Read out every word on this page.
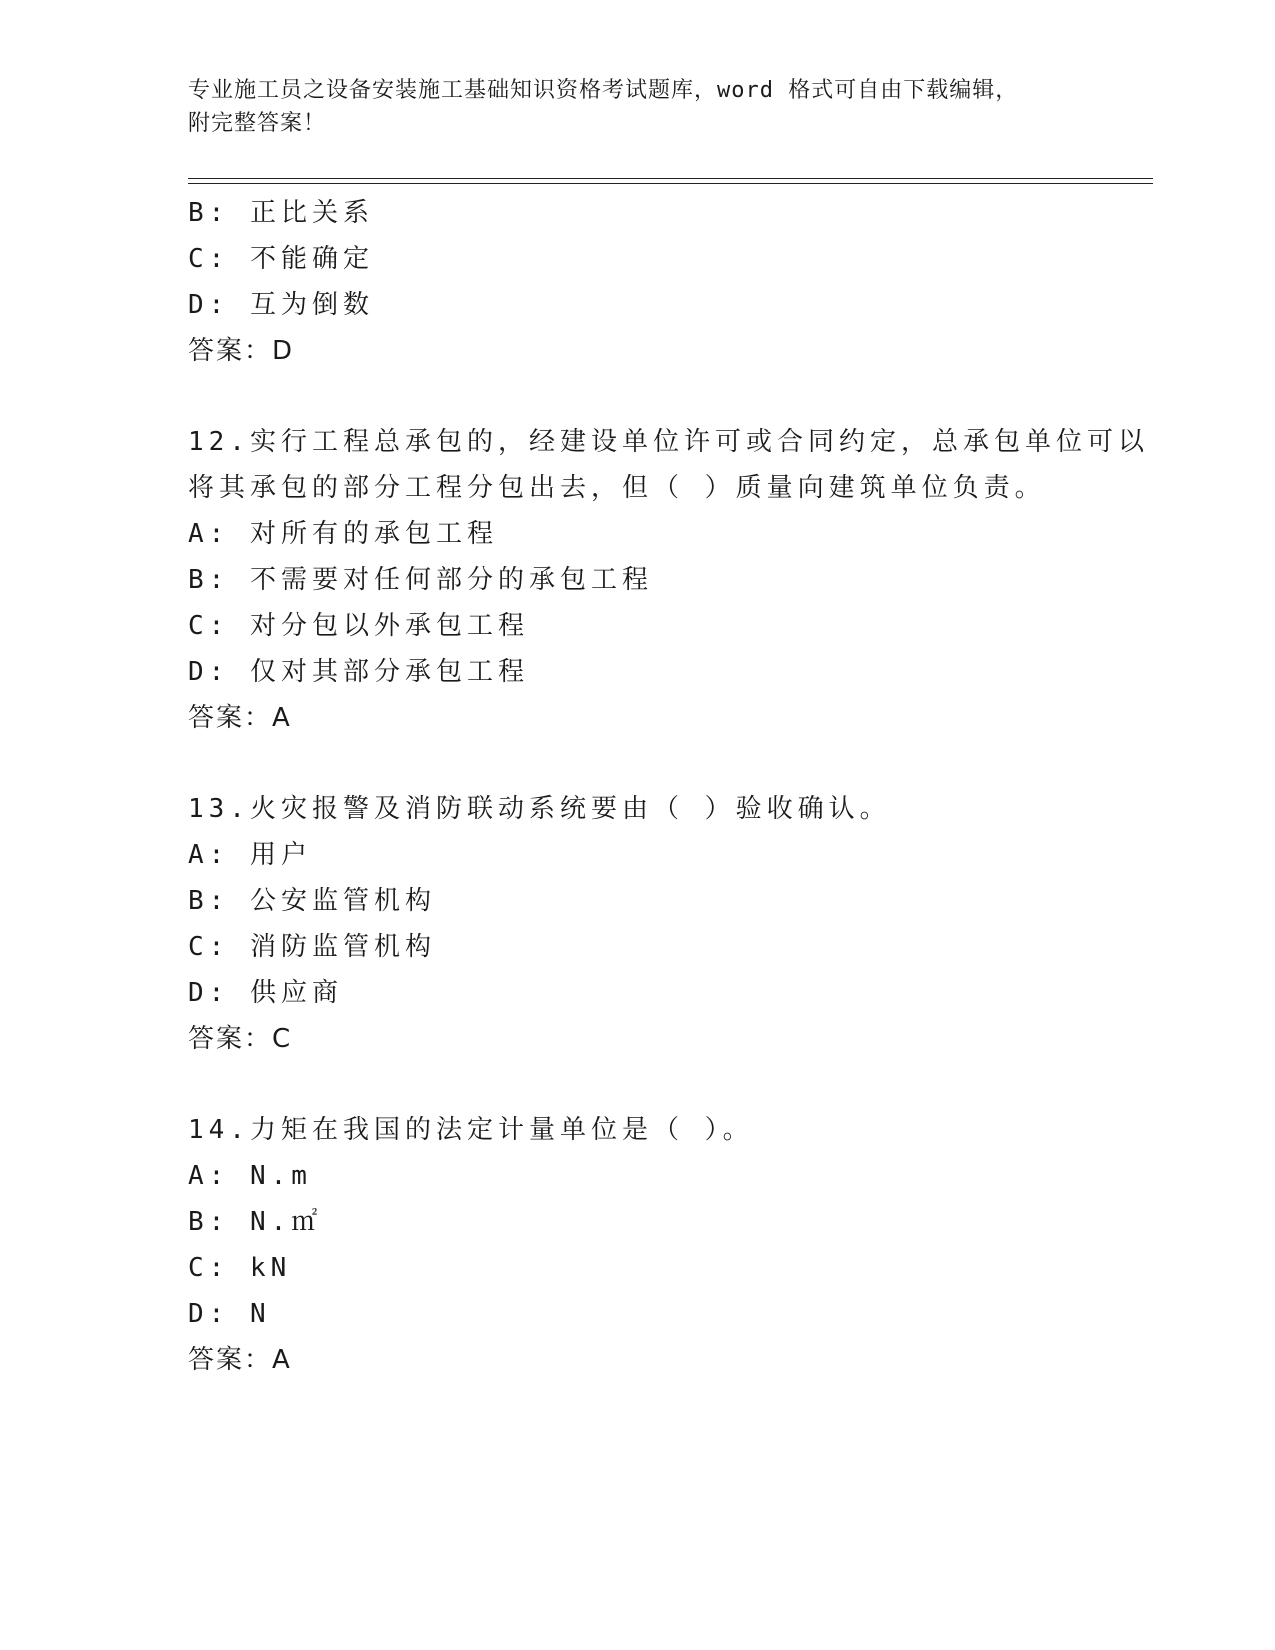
专业施工员之设备安装施工基础知识资格考试题库，word 格式可自由下载编辑，
附完整答案！
B: 正比关系
C: 不能确定
D: 互为倒数
答案：D
12.实行工程总承包的，经建设单位许可或合同约定，总承包单位可以
将其承包的部分工程分包出去，但（ ）质量向建筑单位负责。
A: 对所有的承包工程
B: 不需要对任何部分的承包工程
C: 对分包以外承包工程
D: 仅对其部分承包工程
答案：A
13.火灾报警及消防联动系统要由（ ）验收确认。
A: 用户
B: 公安监管机构
C: 消防监管机构
D: 供应商
答案：C
14.力矩在我国的法定计量单位是（ ）。
A: N.m
B: N.㎡
C: kN
D: N
答案：A
